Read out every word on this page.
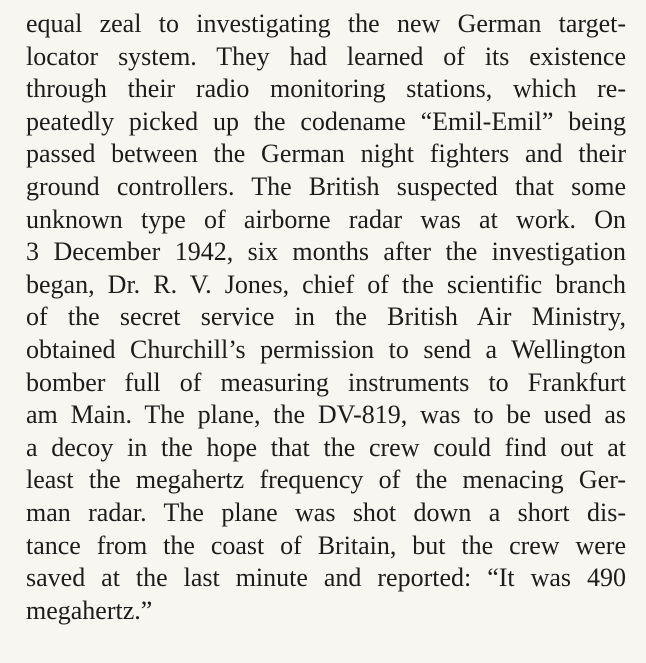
equal zeal to investigating the new German target-
locator system. They had learned of its existence
through their radio monitoring stations, which re-
peatedly picked up the codename “Emil-Emil” being
passed between the German night fighters and their
ground controllers. The British suspected that some
unknown type of airborne radar was at work. On
3 December 1942, six months after the investigation
began, Dr. R. V. Jones, chief of the scientific branch
of the secret service in the British Air Ministry,
obtained Churchill’s permission to send a Wellington
bomber full of measuring instruments to Frankfurt
am Main. The plane, the DV-819, was to be used as
a decoy in the hope that the crew could find out at
least the megahertz frequency of the menacing Ger-
man radar. The plane was shot down a short dis-
tance from the coast of Britain, but the crew were
saved at the last minute and reported: “It was 490
megahertz.”
